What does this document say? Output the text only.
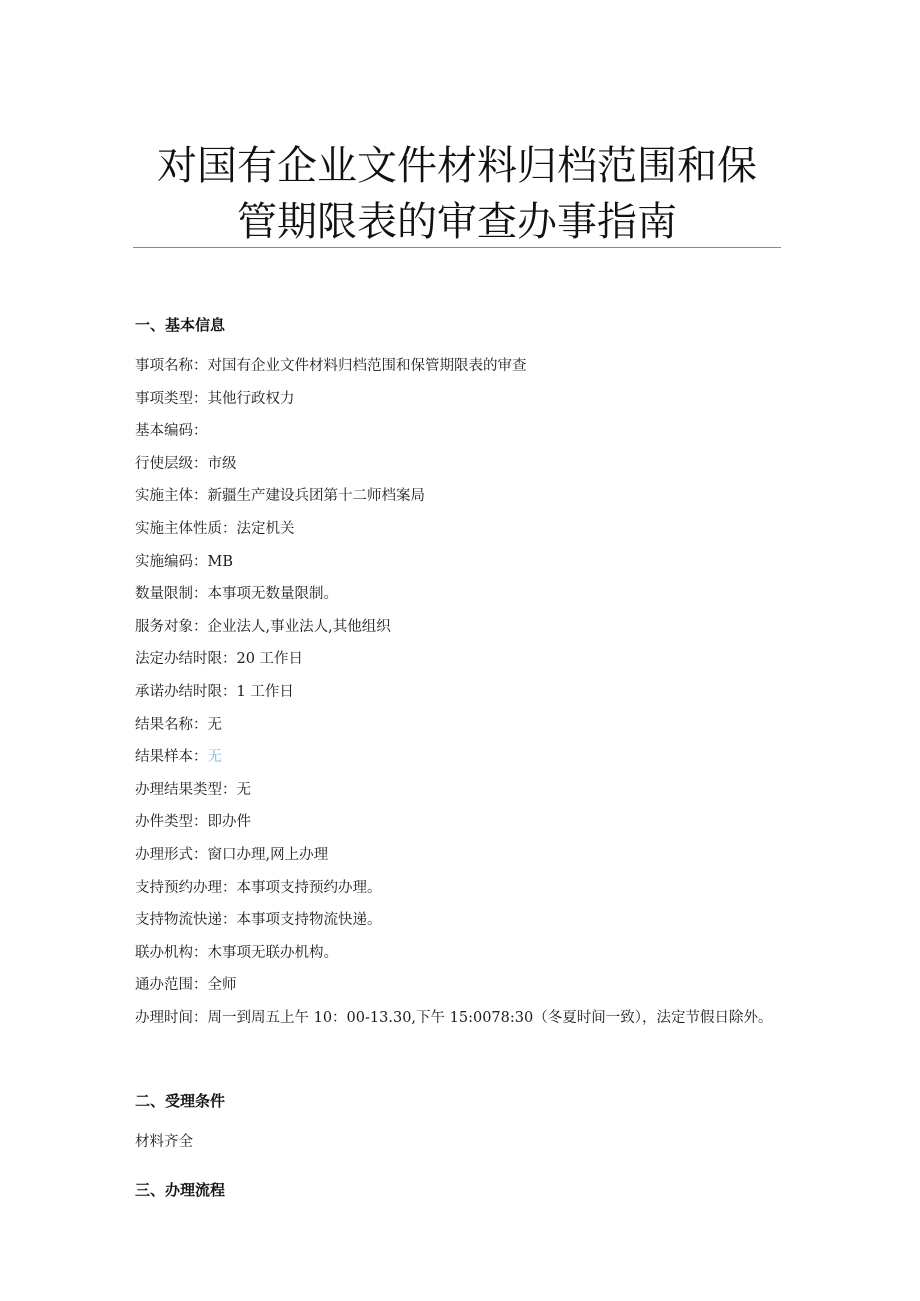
对国有企业文件材料归档范围和保
管期限表的审查办事指南
一、基本信息
事项名称：对国有企业文件材料归档范围和保管期限表的审查
事项类型：其他行政权力
基本编码：
行使层级：市级
实施主体：新疆生产建设兵团第十二师档案局
实施主体性质：法定机关
实施编码：MB
数量限制：本事项无数量限制。
服务对象：企业法人,事业法人,其他组织
法定办结时限：20 工作日
承诺办结时限：1 工作日
结果名称：无
结果样本：无
办理结果类型：无
办件类型：即办件
办理形式：窗口办理,网上办理
支持预约办理：本事项支持预约办理。
支持物流快递：本事项支持物流快递。
联办机构：木事项无联办机构。
通办范围：全师
办理时间：周一到周五上午 10：00-13.30,下午 15:0078:30（冬夏时间一致），法定节假日除外。
二、受理条件
材料齐全
三、办理流程
